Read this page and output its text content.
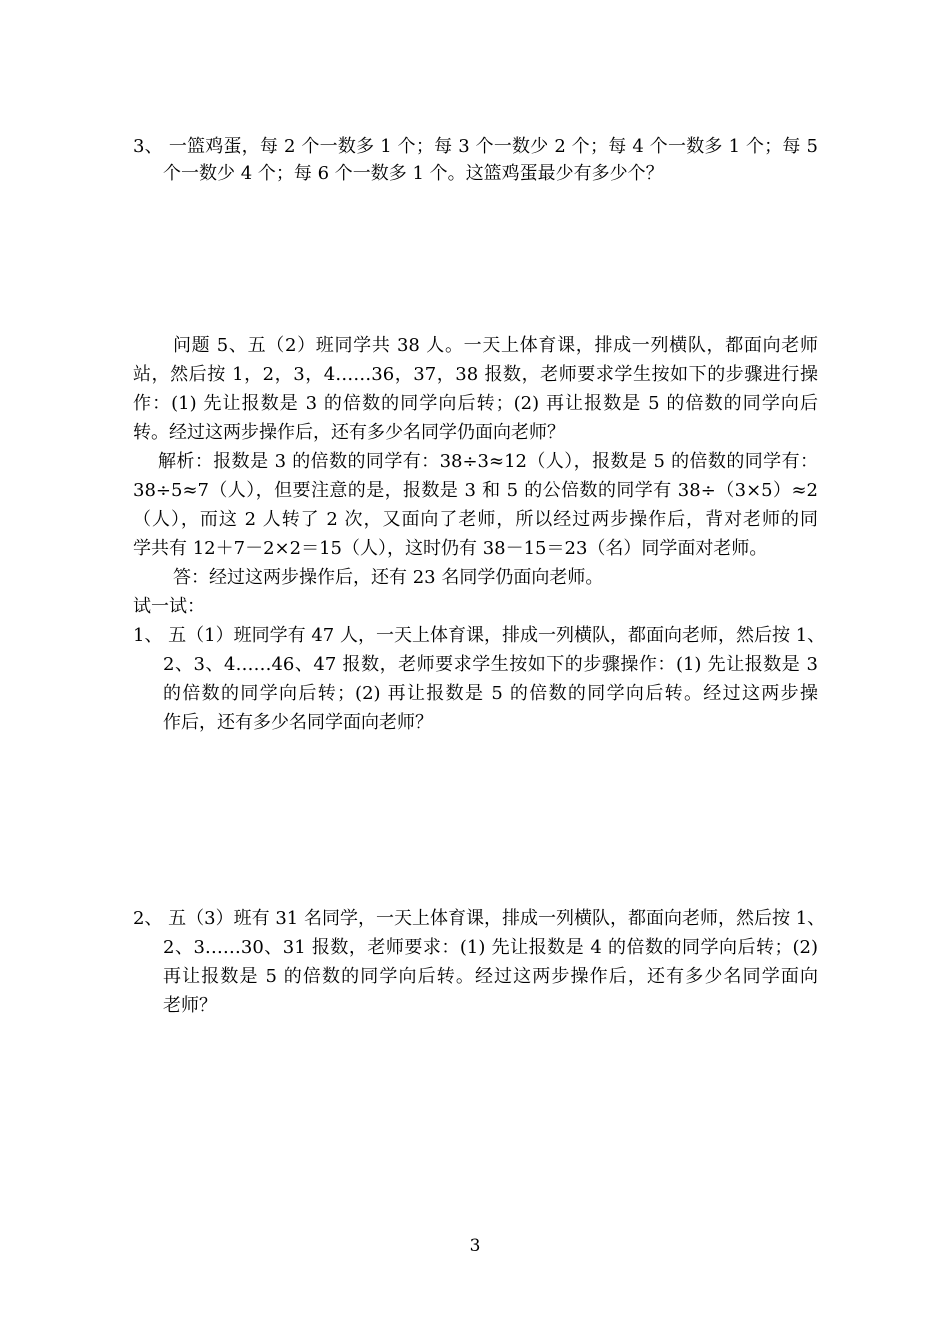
3、 一篮鸡蛋，每 2 个一数多 1 个；每 3 个一数少 2 个；每 4 个一数多 1 个；每 5
个一数少 4 个；每 6 个一数多 1 个。这篮鸡蛋最少有多少个？
问题 5、五（2）班同学共 38 人。一天上体育课，排成一列横队，都面向老师
站，然后按 1，2，3，4……36，37，38 报数，老师要求学生按如下的步骤进行操
作：(1) 先让报数是 3 的倍数的同学向后转；(2) 再让报数是 5 的倍数的同学向后
转。经过这两步操作后，还有多少名同学仍面向老师？
解析：报数是 3 的倍数的同学有：38÷3≈12（人），报数是 5 的倍数的同学有：
38÷5≈7（人），但要注意的是，报数是 3 和 5 的公倍数的同学有 38÷（3×5）≈2
（人），而这 2 人转了 2 次，又面向了老师，所以经过两步操作后，背对老师的同
学共有 12＋7－2×2＝15（人），这时仍有 38－15＝23（名）同学面对老师。
答：经过这两步操作后，还有 23 名同学仍面向老师。
试一试：
1、 五（1）班同学有 47 人，一天上体育课，排成一列横队，都面向老师，然后按 1、
2、3、4……46、47 报数，老师要求学生按如下的步骤操作：(1) 先让报数是 3
的倍数的同学向后转；(2) 再让报数是 5 的倍数的同学向后转。经过这两步操
作后，还有多少名同学面向老师？
2、 五（3）班有 31 名同学，一天上体育课，排成一列横队，都面向老师，然后按 1、
2、3……30、31 报数，老师要求：(1) 先让报数是 4 的倍数的同学向后转；(2)
再让报数是 5 的倍数的同学向后转。经过这两步操作后，还有多少名同学面向
老师？
3
